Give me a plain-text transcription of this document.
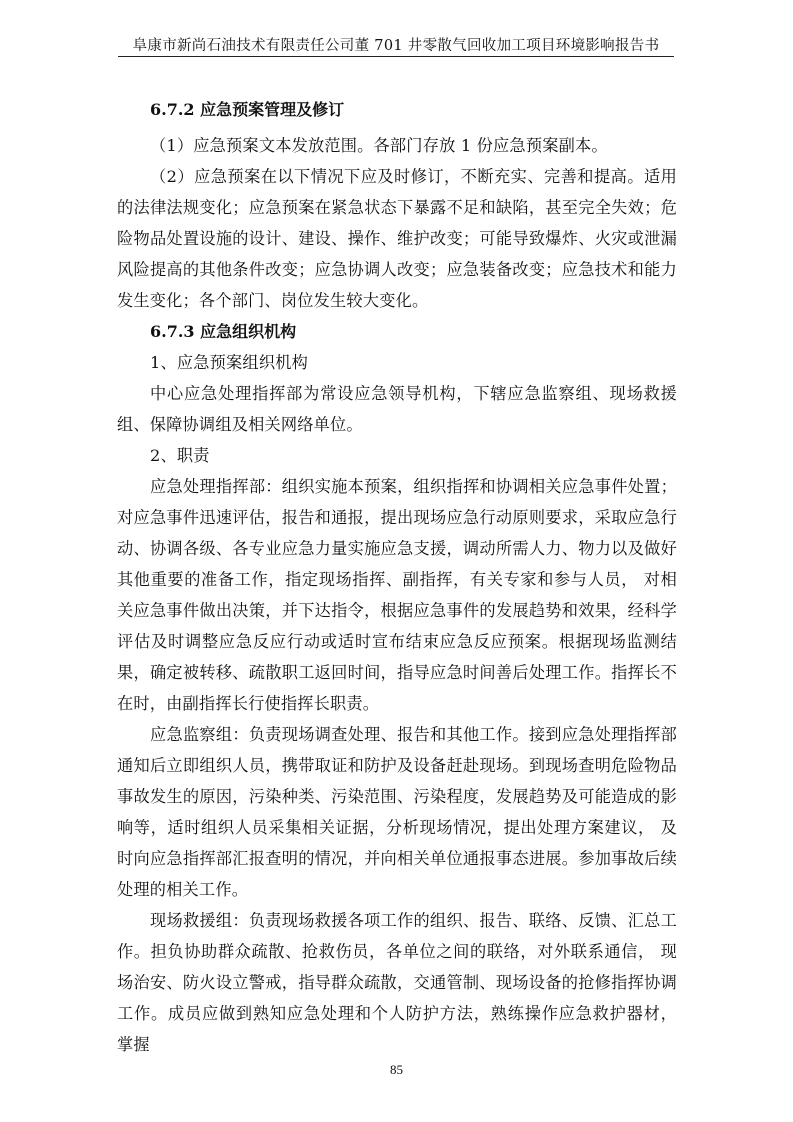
阜康市新尚石油技术有限责任公司董 701 井零散气回收加工项目环境影响报告书
6.7.2 应急预案管理及修订

（1）应急预案文本发放范围。各部门存放 1 份应急预案副本。

（2）应急预案在以下情况下应及时修订，不断充实、完善和提高。适用的法律法规变化；应急预案在紧急状态下暴露不足和缺陷，甚至完全失效；危险物品处置设施的设计、建设、操作、维护改变；可能导致爆炸、火灾或泄漏风险提高的其他条件改变；应急协调人改变；应急装备改变；应急技术和能力发生变化；各个部门、岗位发生较大变化。

6.7.3 应急组织机构

1、应急预案组织机构

中心应急处理指挥部为常设应急领导机构，下辖应急监察组、现场救援组、保障协调组及相关网络单位。

2、职责

应急处理指挥部：组织实施本预案，组织指挥和协调相关应急事件处置；对应急事件迅速评估，报告和通报，提出现场应急行动原则要求，采取应急行动、协调各级、各专业应急力量实施应急支援，调动所需人力、物力以及做好其他重要的准备工作，指定现场指挥、副指挥，有关专家和参与人员， 对相关应急事件做出决策，并下达指令，根据应急事件的发展趋势和效果，经科学评估及时调整应急反应行动或适时宣布结束应急反应预案。根据现场监测结果，确定被转移、疏散职工返回时间，指导应急时间善后处理工作。指挥长不在时，由副指挥长行使指挥长职责。

应急监察组：负责现场调查处理、报告和其他工作。接到应急处理指挥部通知后立即组织人员，携带取证和防护及设备赶赴现场。到现场查明危险物品事故发生的原因，污染种类、污染范围、污染程度，发展趋势及可能造成的影响等，适时组织人员采集相关证据，分析现场情况，提出处理方案建议， 及时向应急指挥部汇报查明的情况，并向相关单位通报事态进展。参加事故后续处理的相关工作。

现场救援组：负责现场救援各项工作的组织、报告、联络、反馈、汇总工作。担负协助群众疏散、抢救伤员，各单位之间的联络，对外联系通信， 现场治安、防火设立警戒，指导群众疏散，交通管制、现场设备的抢修指挥协调工作。成员应做到熟知应急处理和个人防护方法，熟练操作应急救护器材， 掌握

85
